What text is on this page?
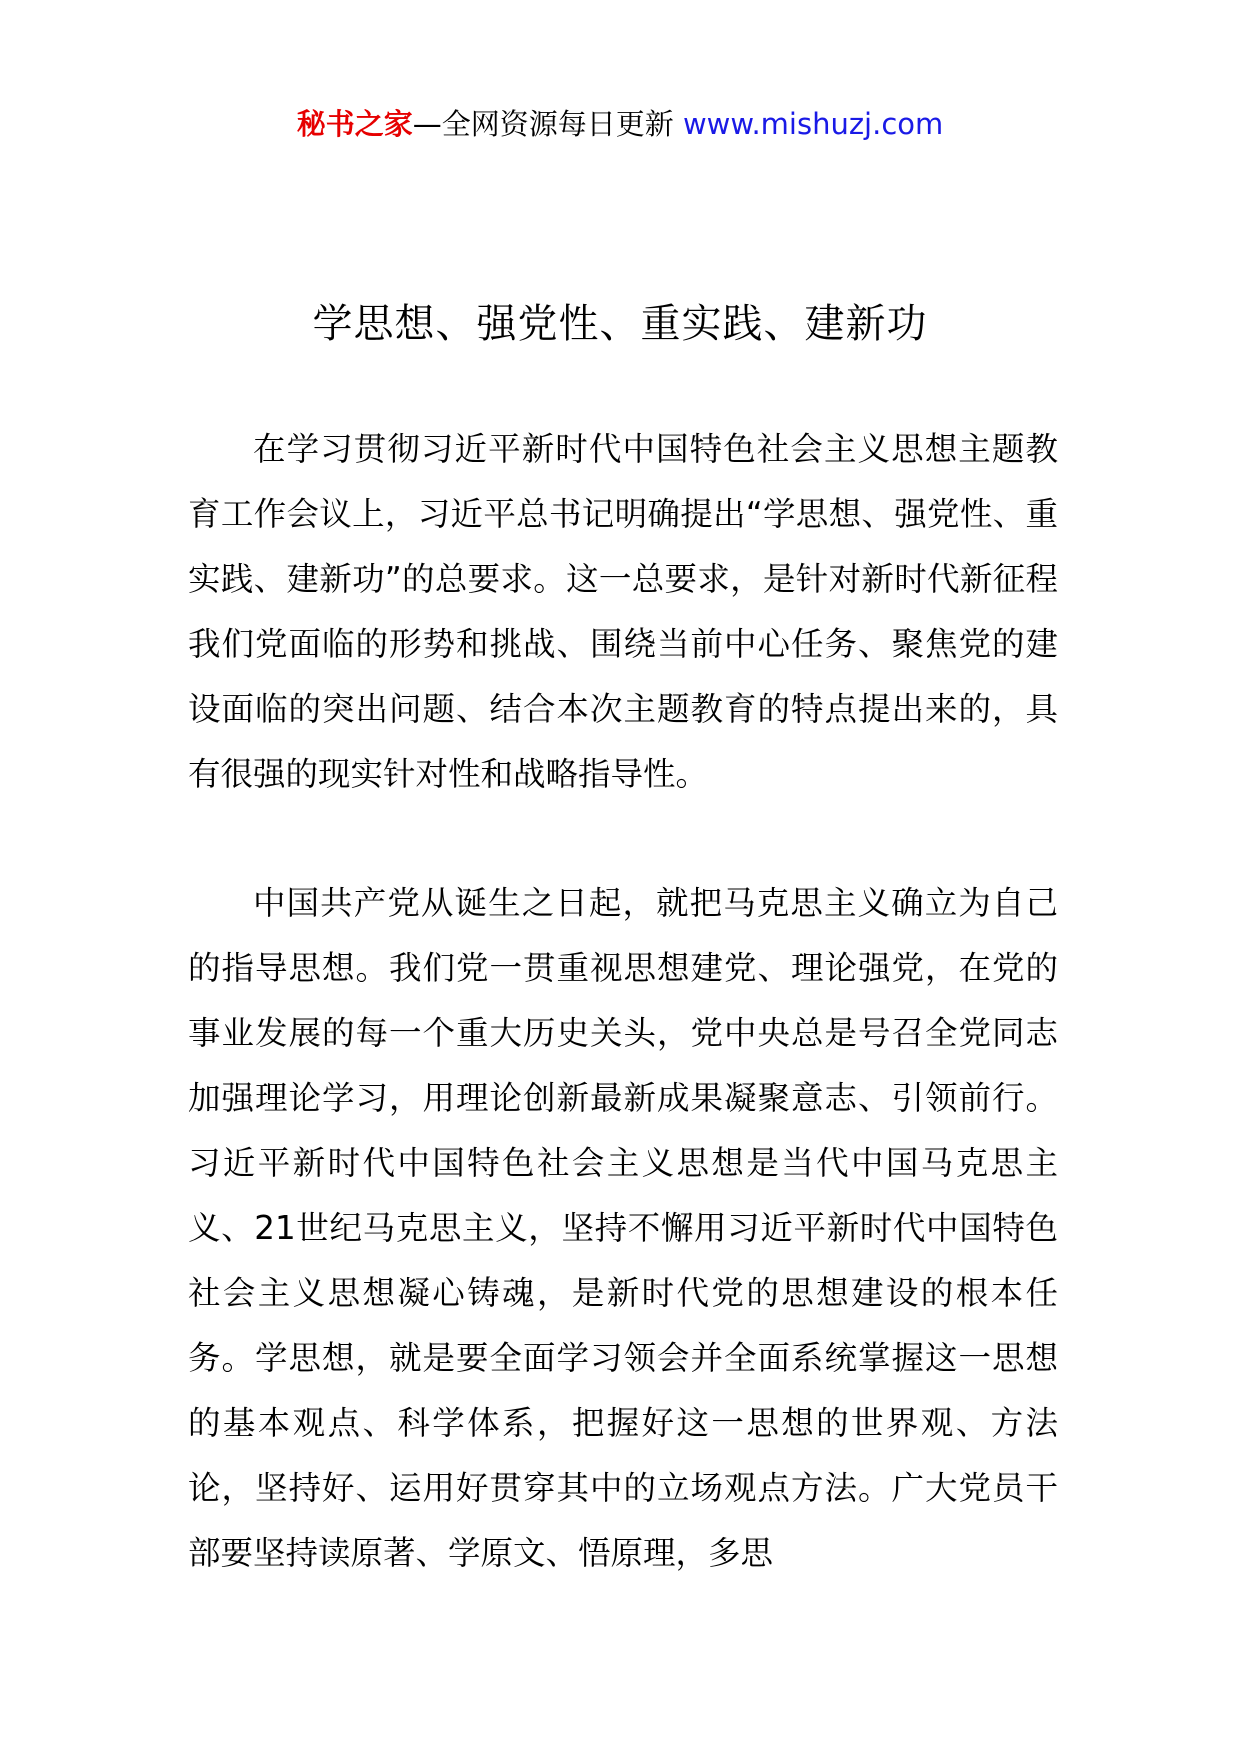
秘书之家—全网资源每日更新 www.mishuzj.com
学思想、强党性、重实践、建新功

在学习贯彻习近平新时代中国特色社会主义思想主题教育工作会议上，习近平总书记明确提出“学思想、强党性、重实践、建新功”的总要求。这一总要求，是针对新时代新征程我们党面临的形势和挑战、围绕当前中心任务、聚焦党的建设面临的突出问题、结合本次主题教育的特点提出来的，具有很强的现实针对性和战略指导性。

中国共产党从诞生之日起，就把马克思主义确立为自己的指导思想。我们党一贯重视思想建党、理论强党，在党的事业发展的每一个重大历史关头，党中央总是号召全党同志加强理论学习，用理论创新最新成果凝聚意志、引领前行。习近平新时代中国特色社会主义思想是当代中国马克思主义、21世纪马克思主义，坚持不懈用习近平新时代中国特色社会主义思想凝心铸魂，是新时代党的思想建设的根本任务。学思想，就是要全面学习领会并全面系统掌握这一思想的基本观点、科学体系，把握好这一思想的世界观、方法论，坚持好、运用好贯穿其中的立场观点方法。广大党员干部要坚持读原著、学原文、悟原理，多思
